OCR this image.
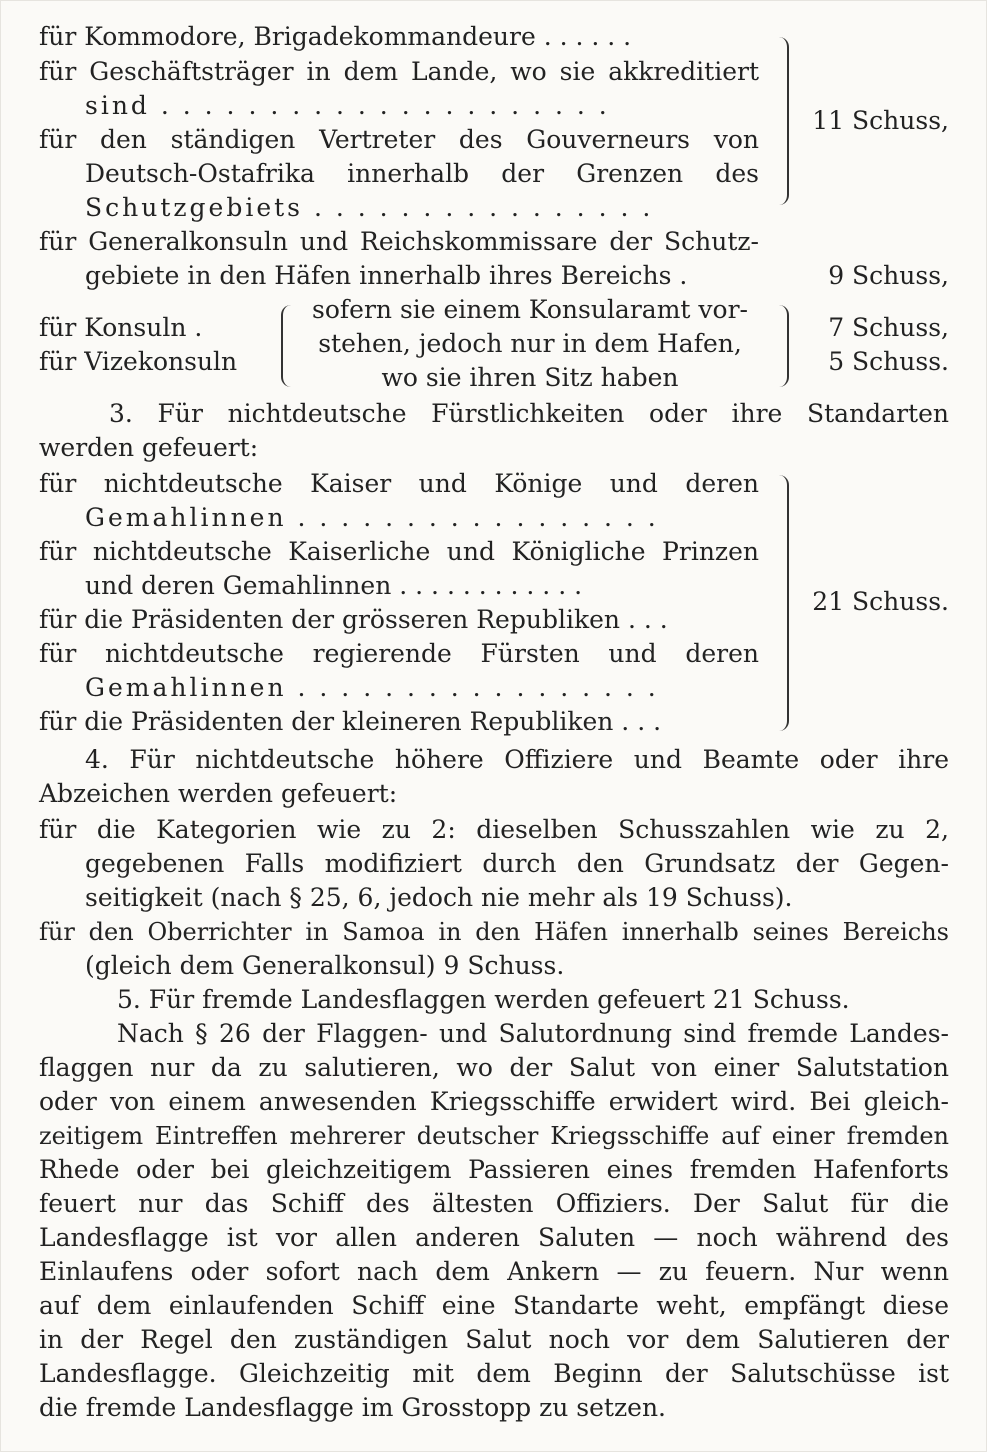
für Kommodore, Brigadekommandeure . . . . . .
für Geschäftsträger in dem Lande, wo sie akkreditiert
sind . . . . . . . . . . . . . . . . . . . . .
für den ständigen Vertreter des Gouverneurs von
Deutsch-Ostafrika innerhalb der Grenzen des
Schutzgebiets . . . . . . . . . . . . . . . .
11 Schuss,
für Generalkonsuln und Reichskommissare der Schutz-
gebiete in den Häfen innerhalb ihres Bereichs .	9 Schuss,
für Konsuln .
für Vizekonsuln
sofern sie einem Konsularamt vor-
stehen, jedoch nur in dem Hafen,
wo sie ihren Sitz haben
7 Schuss,
5 Schuss.
3. Für nichtdeutsche Fürstlichkeiten oder ihre Standarten
werden gefeuert:
für nichtdeutsche Kaiser und Könige und deren
Gemahlinnen . . . . . . . . . . . . . . . . .
für nichtdeutsche Kaiserliche und Königliche Prinzen
und deren Gemahlinnen . . . . . . . . . . . .
für die Präsidenten der grösseren Republiken . . .
für nichtdeutsche regierende Fürsten und deren
Gemahlinnen . . . . . . . . . . . . . . . . .
für die Präsidenten der kleineren Republiken . . .
21 Schuss.
4. Für nichtdeutsche höhere Offiziere und Beamte oder ihre
Abzeichen werden gefeuert:
für die Kategorien wie zu 2: dieselben Schusszahlen wie zu 2,
gegebenen Falls modifiziert durch den Grundsatz der Gegen-
seitigkeit (nach § 25, 6, jedoch nie mehr als 19 Schuss).
für den Oberrichter in Samoa in den Häfen innerhalb seines Bereichs
(gleich dem Generalkonsul) 9 Schuss.
5. Für fremde Landesflaggen werden gefeuert 21 Schuss.
Nach § 26 der Flaggen- und Salutordnung sind fremde Landes-
flaggen nur da zu salutieren, wo der Salut von einer Salutstation
oder von einem anwesenden Kriegsschiffe erwidert wird. Bei gleich-
zeitigem Eintreffen mehrerer deutscher Kriegsschiffe auf einer fremden
Rhede oder bei gleichzeitigem Passieren eines fremden Hafenforts
feuert nur das Schiff des ältesten Offiziers. Der Salut für die
Landesflagge ist vor allen anderen Saluten — noch während des
Einlaufens oder sofort nach dem Ankern — zu feuern. Nur wenn
auf dem einlaufenden Schiff eine Standarte weht, empfängt diese
in der Regel den zuständigen Salut noch vor dem Salutieren der
Landesflagge. Gleichzeitig mit dem Beginn der Salutschüsse ist
die fremde Landesflagge im Grosstopp zu setzen.
